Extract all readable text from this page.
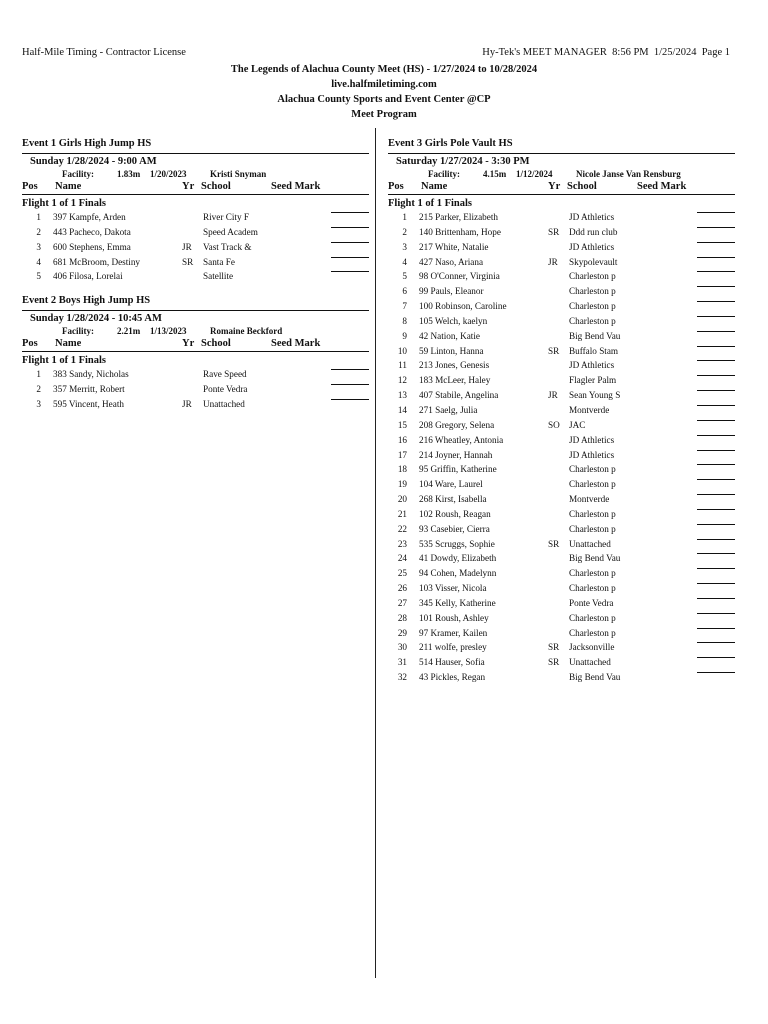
Half-Mile Timing - Contractor License	Hy-Tek's MEET MANAGER  8:56 PM  1/25/2024  Page 1
The Legends of Alachua County Meet (HS) - 1/27/2024 to 10/28/2024
live.halfmiletiming.com
Alachua County Sports and Event Center @CP
Meet Program
Event 1 Girls High Jump HS
Sunday 1/28/2024 - 9:00 AM
Facility:	1.83m 1/20/2023	Kristi Snyman
Pos Name	Yr School	Seed Mark
Flight 1 of 1 Finals
1 397 Kampfe, Arden	River City F
2 443 Pacheco, Dakota	Speed Academ
3 600 Stephens, Emma	JR Vast Track &
4 681 McBroom, Destiny	SR Santa Fe
5 406 Filosa, Lorelai	Satellite
Event 2 Boys High Jump HS
Sunday 1/28/2024 - 10:45 AM
Facility:	2.21m 1/13/2023	Romaine Beckford
Pos Name	Yr School	Seed Mark
Flight 1 of 1 Finals
1 383 Sandy, Nicholas	Rave Speed
2 357 Merritt, Robert	Ponte Vedra
3 595 Vincent, Heath	JR Unattached
Event 3 Girls Pole Vault HS
Saturday 1/27/2024 - 3:30 PM
Facility:	4.15m 1/12/2024	Nicole Janse Van Rensburg
Pos Name	Yr School	Seed Mark
Flight 1 of 1 Finals
1 215 Parker, Elizabeth	JD Athletics
2 140 Brittenham, Hope	SR Ddd run club
3 217 White, Natalie	JD Athletics
4 427 Naso, Ariana	JR Skypolevault
5 98 O'Conner, Virginia	Charleston p
6 99 Pauls, Eleanor	Charleston p
7 100 Robinson, Caroline	Charleston p
8 105 Welch, kaelyn	Charleston p
9 42 Nation, Katie	Big Bend Vau
10 59 Linton, Hanna	SR Buffalo Stam
11 213 Jones, Genesis	JD Athletics
12 183 McLeer, Haley	Flagler Palm
13 407 Stabile, Angelina	JR Sean Young S
14 271 Saelg, Julia	Montverde
15 208 Gregory, Selena	SO JAC
16 216 Wheatley, Antonia	JD Athletics
17 214 Joyner, Hannah	JD Athletics
18 95 Griffin, Katherine	Charleston p
19 104 Ware, Laurel	Charleston p
20 268 Kirst, Isabella	Montverde
21 102 Roush, Reagan	Charleston p
22 93 Casebier, Cierra	Charleston p
23 535 Scruggs, Sophie	SR Unattached
24 41 Dowdy, Elizabeth	Big Bend Vau
25 94 Cohen, Madelynn	Charleston p
26 103 Visser, Nicola	Charleston p
27 345 Kelly, Katherine	Ponte Vedra
28 101 Roush, Ashley	Charleston p
29 97 Kramer, Kailen	Charleston p
30 211 wolfe, presley	SR Jacksonville
31 514 Hauser, Sofia	SR Unattached
32 43 Pickles, Regan	Big Bend Vau
